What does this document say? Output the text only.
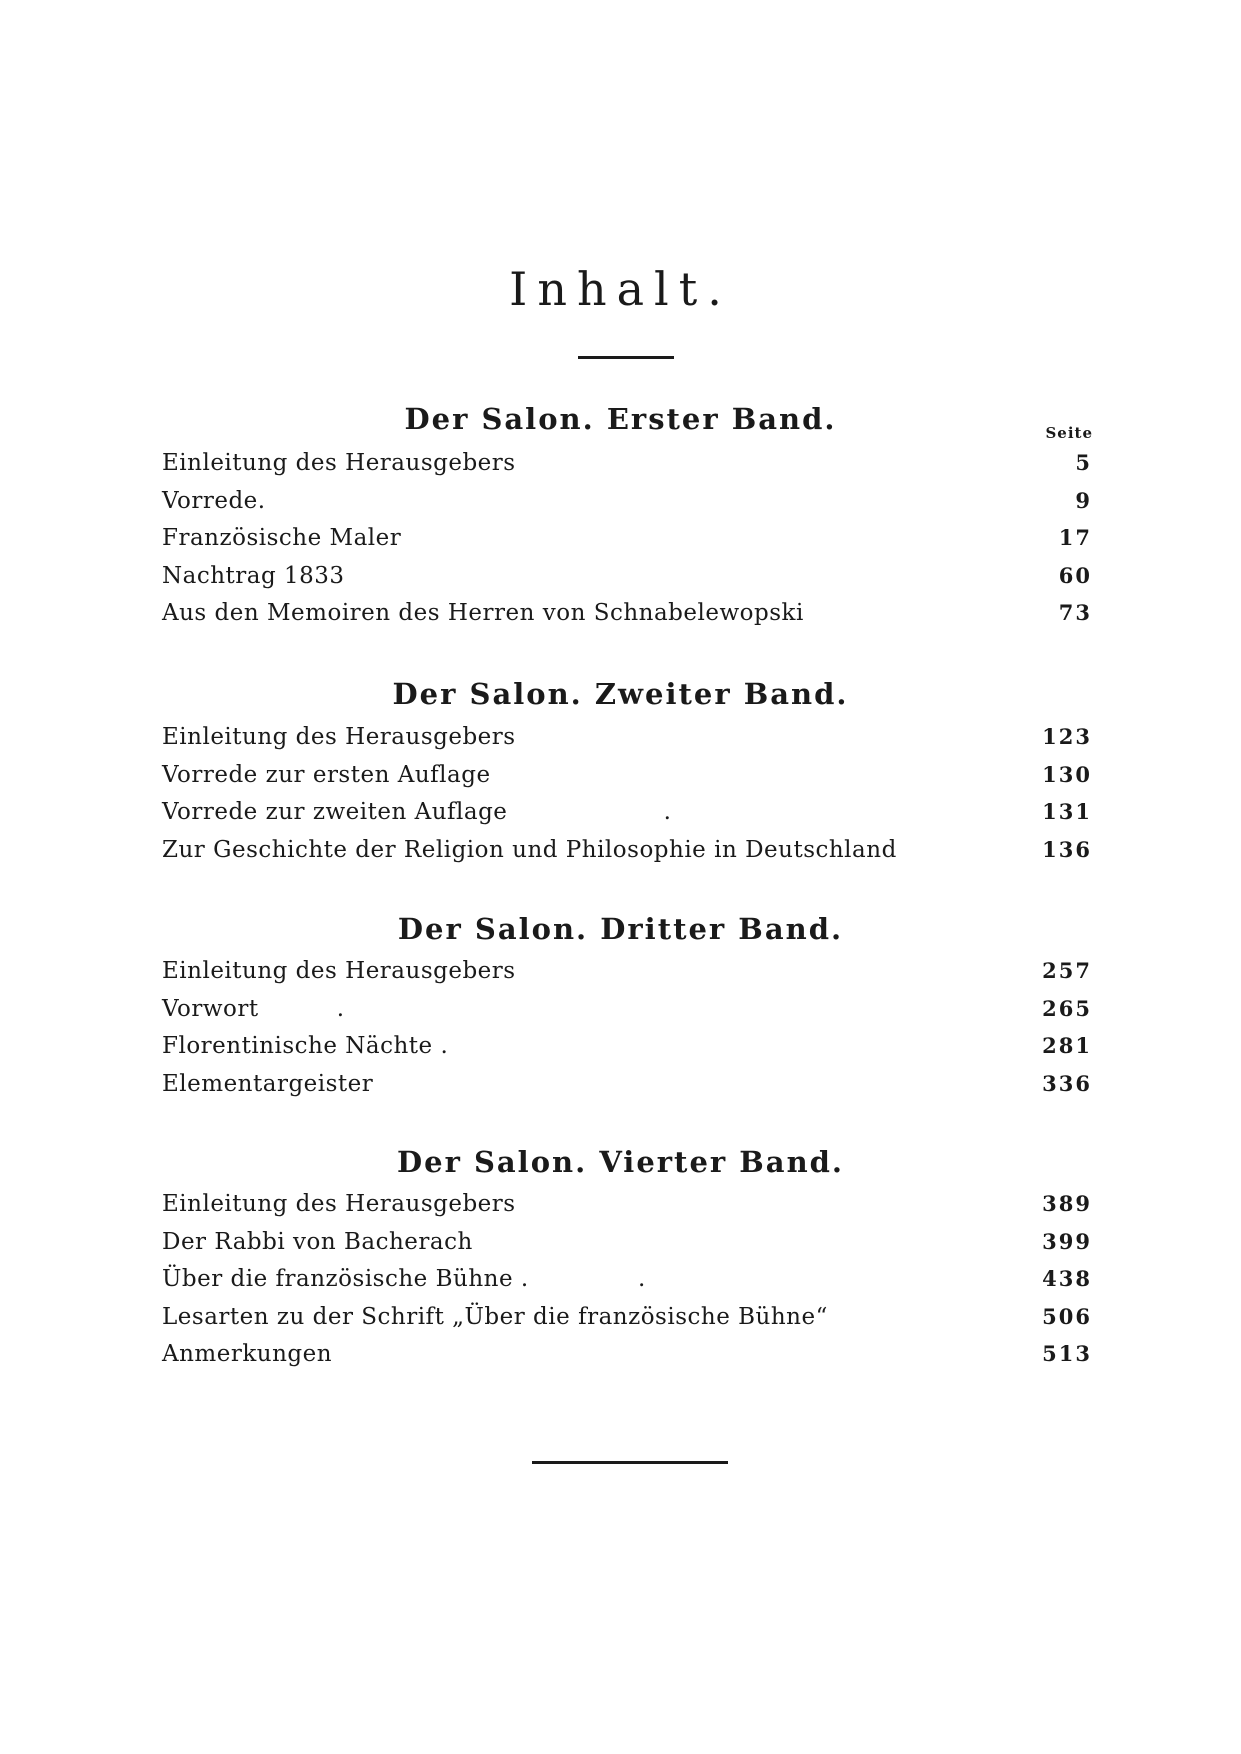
Inhalt.
Der Salon. Erster Band.	Seite
Einleitung des Herausgebers	5
Vorrede.	9
Französische Maler	17
Nachtrag 1833	60
Aus den Memoiren des Herren von Schnabelewopski	73
Der Salon. Zweiter Band.
Einleitung des Herausgebers	123
Vorrede zur ersten Auflage	130
Vorrede zur zweiten Auflage                    .	131
Zur Geschichte der Religion und Philosophie in Deutschland	136
Der Salon. Dritter Band.
Einleitung des Herausgebers	257
Vorwort          .	265
Florentinische Nächte .	281
Elementargeister	336
Der Salon. Vierter Band.
Einleitung des Herausgebers	389
Der Rabbi von Bacherach	399
Über die französische Bühne .              .	438
Lesarten zu der Schrift „Über die französische Bühne“	506
Anmerkungen	513
